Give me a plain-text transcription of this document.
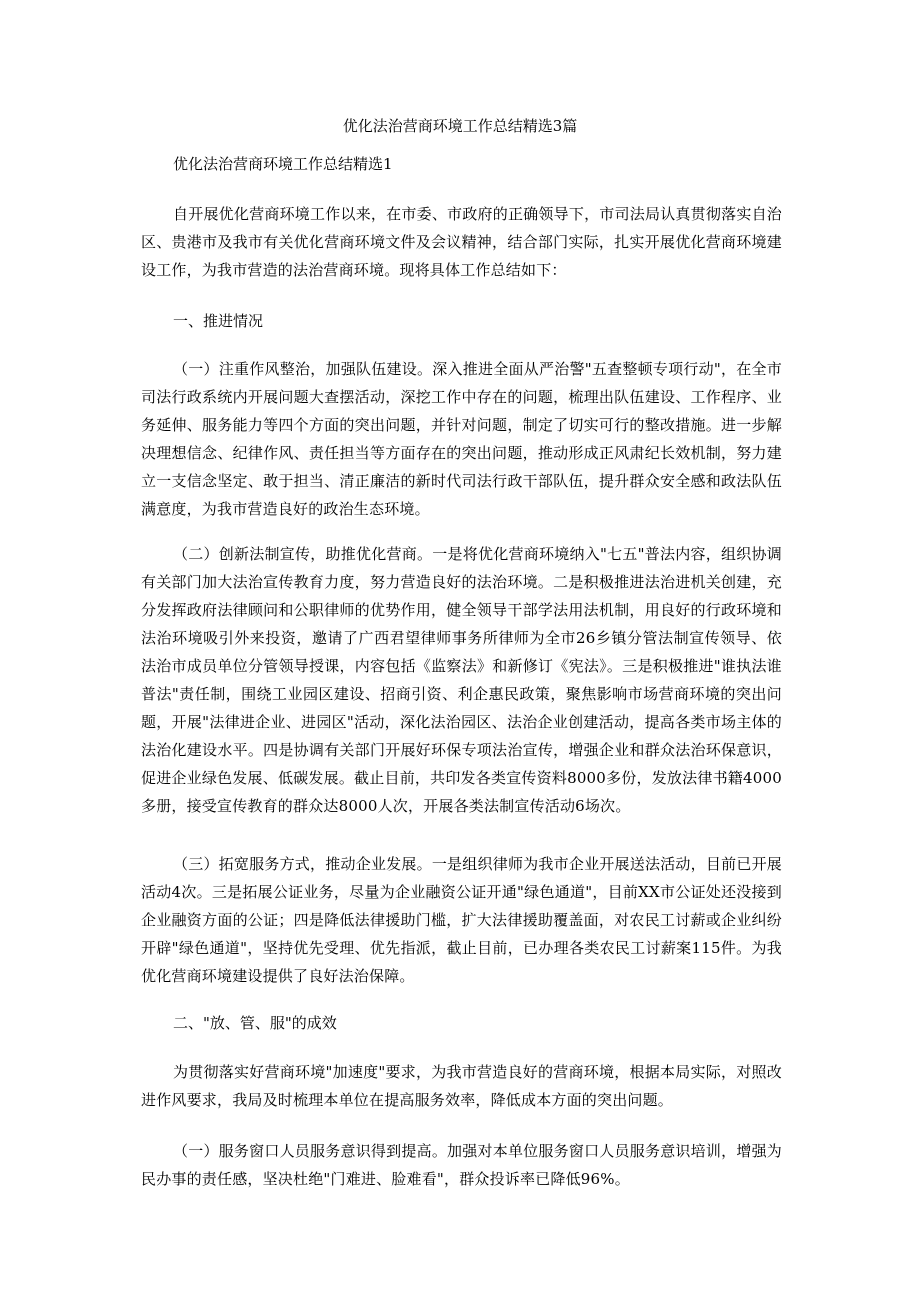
优化法治营商环境工作总结精选3篇

优化法治营商环境工作总结精选1

自开展优化营商环境工作以来，在市委、市政府的正确领导下，市司法局认真贯彻落实自治区、贵港市及我市有关优化营商环境文件及会议精神，结合部门实际，扎实开展优化营商环境建设工作，为我市营造的法治营商环境。现将具体工作总结如下：

一、推进情况

（一）注重作风整治，加强队伍建设。深入推进全面从严治警"五查整顿专项行动"，在全市司法行政系统内开展问题大查摆活动，深挖工作中存在的问题，梳理出队伍建设、工作程序、业务延伸、服务能力等四个方面的突出问题，并针对问题，制定了切实可行的整改措施。进一步解决理想信念、纪律作风、责任担当等方面存在的突出问题，推动形成正风肃纪长效机制，努力建立一支信念坚定、敢于担当、清正廉洁的新时代司法行政干部队伍，提升群众安全感和政法队伍满意度，为我市营造良好的政治生态环境。

（二）创新法制宣传，助推优化营商。一是将优化营商环境纳入"七五"普法内容，组织协调有关部门加大法治宣传教育力度，努力营造良好的法治环境。二是积极推进法治进机关创建，充分发挥政府法律顾问和公职律师的优势作用，健全领导干部学法用法机制，用良好的行政环境和法治环境吸引外来投资，邀请了广西君望律师事务所律师为全市26乡镇分管法制宣传领导、依法治市成员单位分管领导授课，内容包括《监察法》和新修订《宪法》。三是积极推进"谁执法谁普法"责任制，围绕工业园区建设、招商引资、利企惠民政策，聚焦影响市场营商环境的突出问题，开展"法律进企业、进园区"活动，深化法治园区、法治企业创建活动，提高各类市场主体的法治化建设水平。四是协调有关部门开展好环保专项法治宣传，增强企业和群众法治环保意识，促进企业绿色发展、低碳发展。截止目前，共印发各类宣传资料8000多份，发放法律书籍4000多册，接受宣传教育的群众达8000人次，开展各类法制宣传活动6场次。

（三）拓宽服务方式，推动企业发展。一是组织律师为我市企业开展送法活动，目前已开展活动4次。三是拓展公证业务，尽量为企业融资公证开通"绿色通道"，目前XX市公证处还没接到企业融资方面的公证；四是降低法律援助门槛，扩大法律援助覆盖面，对农民工讨薪或企业纠纷开辟"绿色通道"，坚持优先受理、优先指派，截止目前，已办理各类农民工讨薪案115件。为我优化营商环境建设提供了良好法治保障。

二、"放、管、服"的成效

为贯彻落实好营商环境"加速度"要求，为我市营造良好的营商环境，根据本局实际，对照改进作风要求，我局及时梳理本单位在提高服务效率，降低成本方面的突出问题。

（一）服务窗口人员服务意识得到提高。加强对本单位服务窗口人员服务意识培训，增强为民办事的责任感，坚决杜绝"门难进、脸难看"，群众投诉率已降低96%。
